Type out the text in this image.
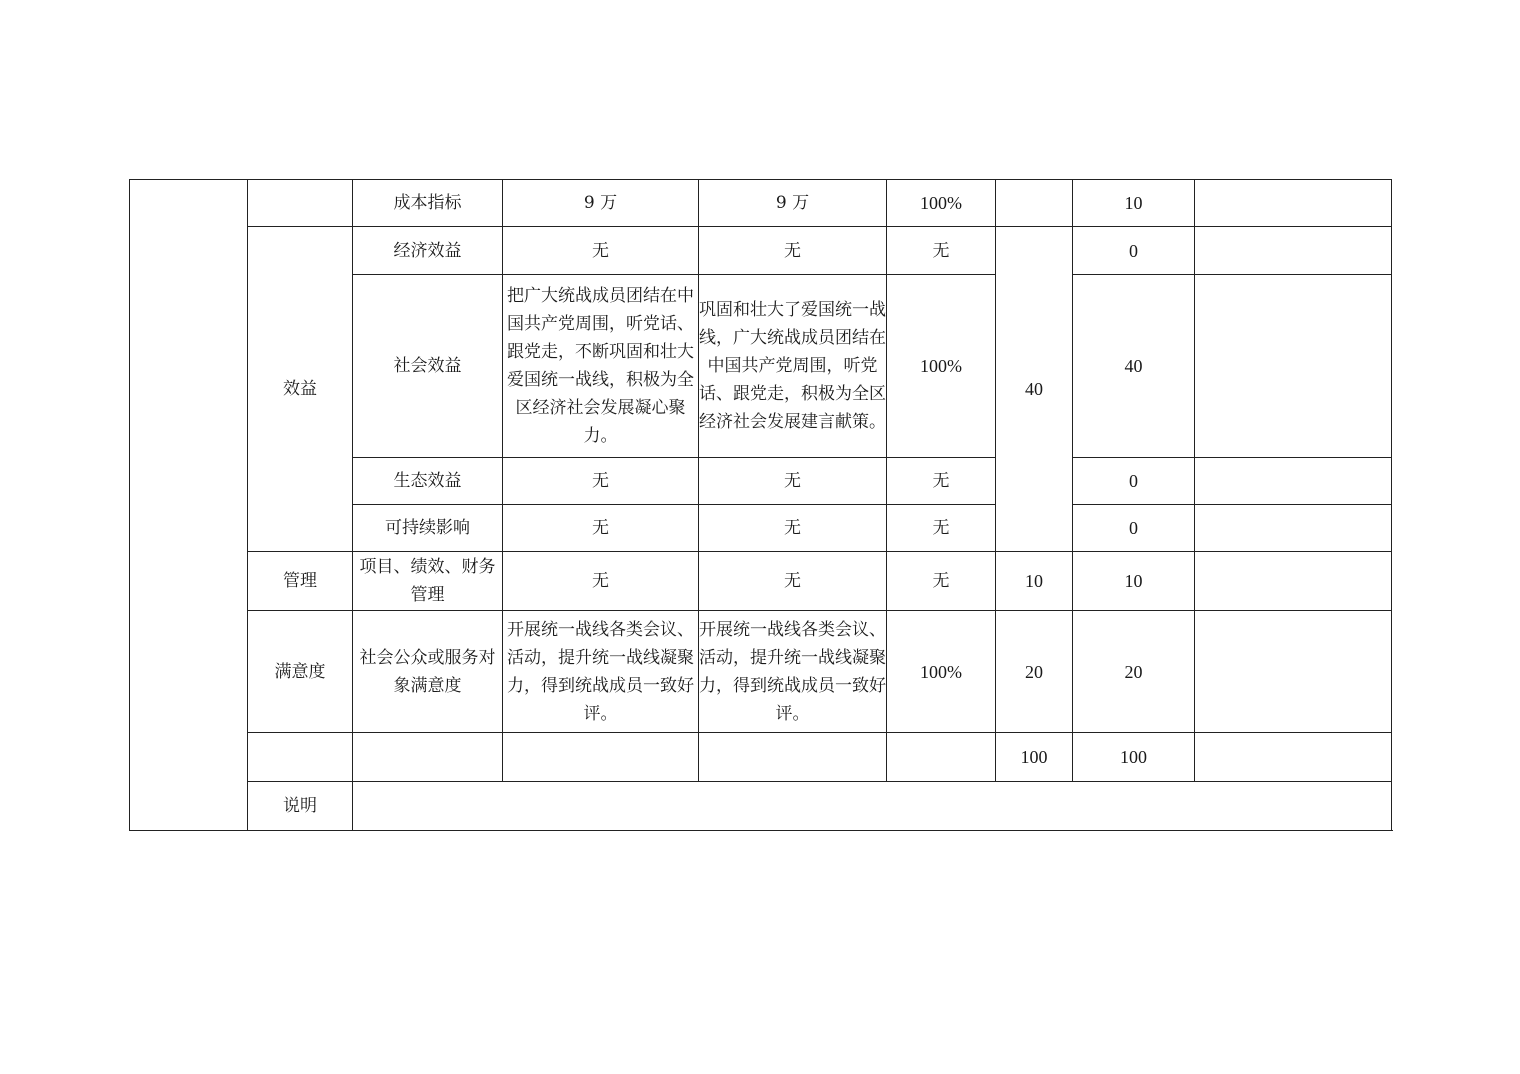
		成本指标	9 万	9 万	100%		10	
	效益	经济效益	无	无	无	40	0	
		社会效益	把广大统战成员团结在中国共产党周围，听党话、跟党走，不断巩固和壮大爱国统一战线，积极为全区经济社会发展凝心聚力。	巩固和壮大了爱国统一战线，广大统战成员团结在中国共产党周围，听党话、跟党走，积极为全区经济社会发展建言献策。	100%		40	
		生态效益	无	无	无		0	
		可持续影响	无	无	无		0	
	管理	项目、绩效、财务管理	无	无	无	10	10	
	满意度	社会公众或服务对象满意度	开展统一战线各类会议、活动，提升统一战线凝聚力，得到统战成员一致好评。	开展统一战线各类会议、活动，提升统一战线凝聚力，得到统战成员一致好评。	100%	20	20	
						100	100	
	说明							
